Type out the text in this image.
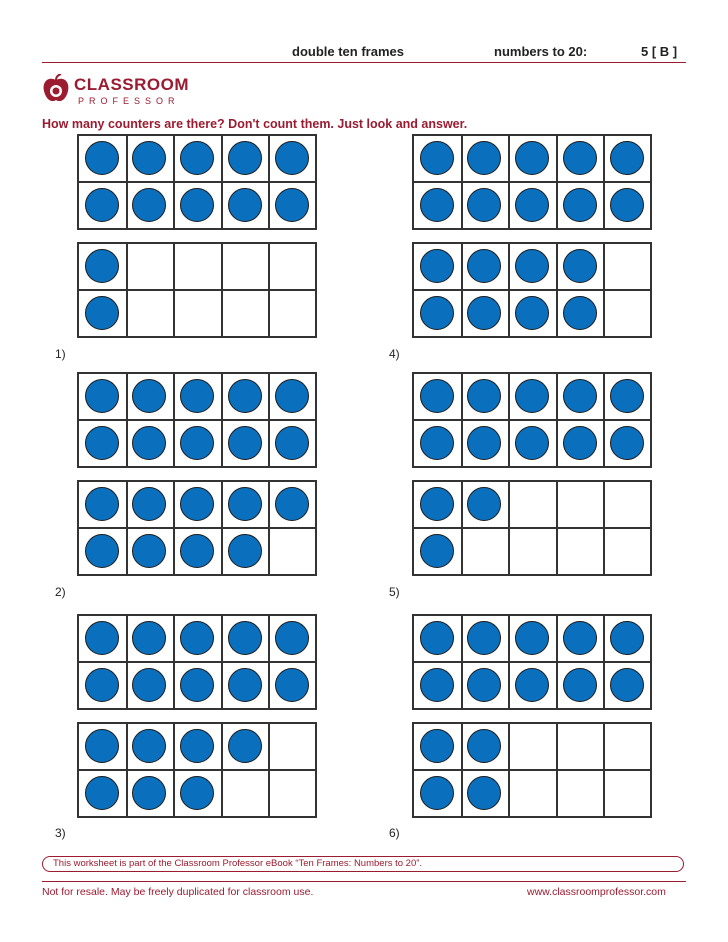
double ten frames	numbers to 20:	5 [ B ]
CLASSROOM
PROFESSOR
How many counters are there? Don't count them. Just look and answer.
1)
2)
3)
4)
5)
6)
This worksheet is part of the Classroom Professor eBook “Ten Frames: Numbers to 20”.
Not for resale. May be freely duplicated for classroom use.	www.classroomprofessor.com
